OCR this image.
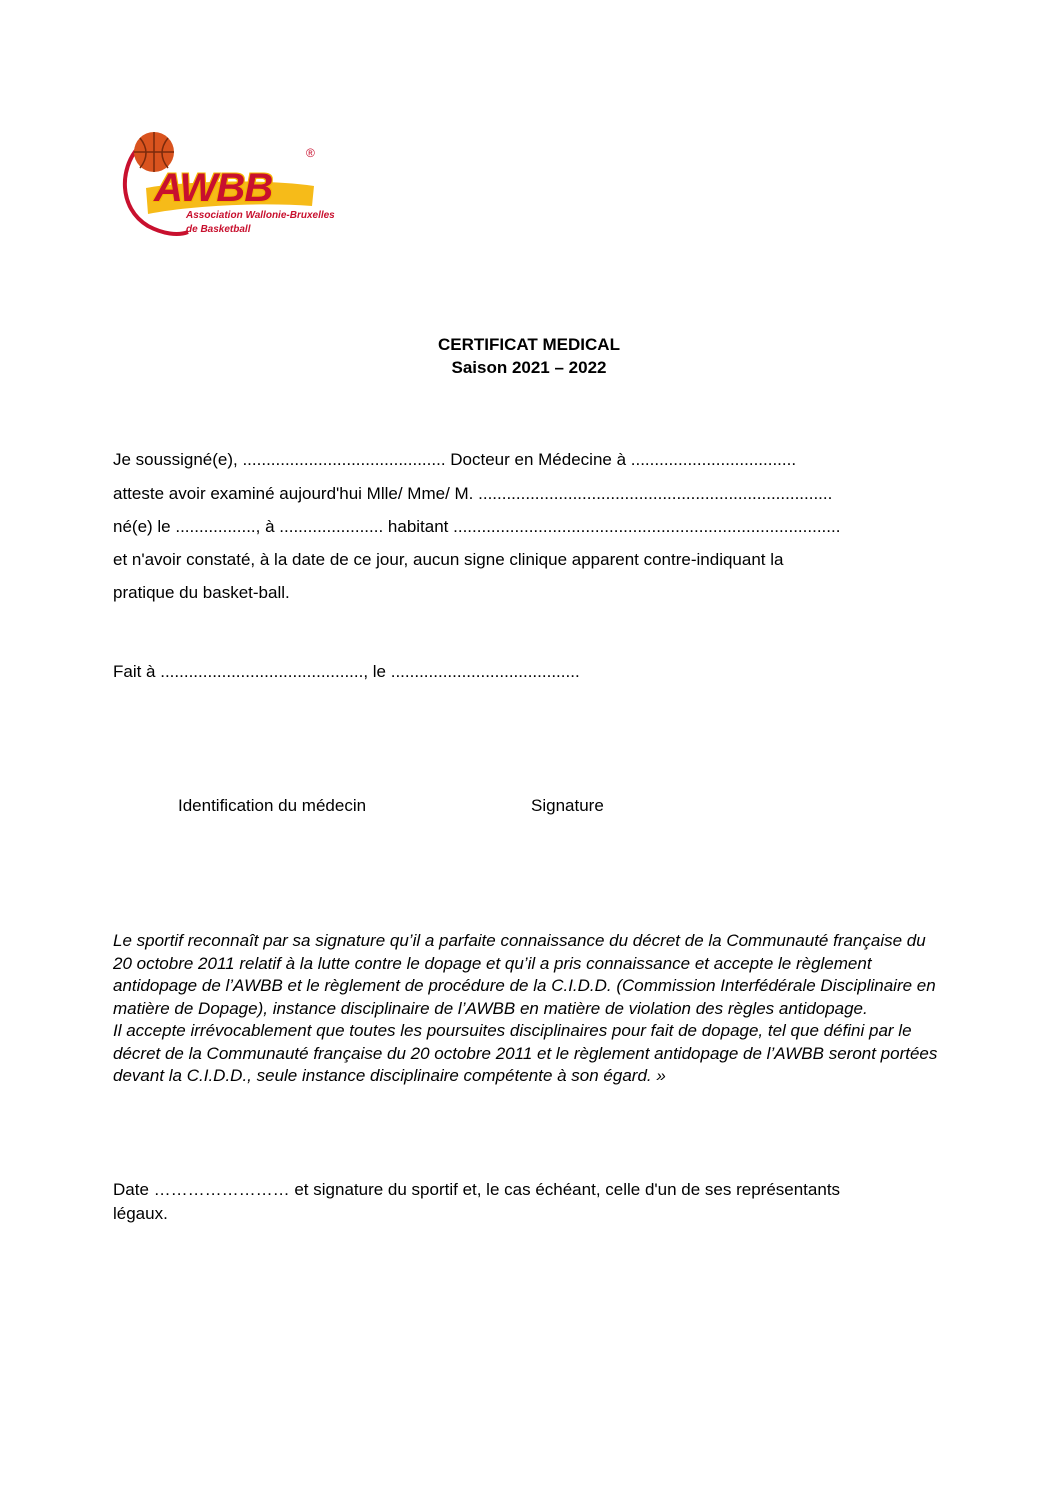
AWBB
®
Association Wallonie-Bruxelles
de Basketball
CERTIFICAT MEDICAL
Saison 2021 – 2022
Je soussigné(e), ........................................... Docteur en Médecine à ...................................
atteste avoir examiné aujourd'hui Mlle/ Mme/ M. ...........................................................................
né(e) le ................., à ...................... habitant ..................................................................................
et n'avoir constaté, à la date de ce jour, aucun signe clinique apparent contre-indiquant la
pratique du basket-ball.
Fait à ..........................................., le ........................................
Identification du médecin	Signature

Le sportif reconnaît par sa signature qu’il a parfaite connaissance du décret de la Communauté française du 20 octobre 2011 relatif à la lutte contre le dopage et qu’il a pris connaissance et accepte le règlement antidopage de l’AWBB et le règlement de procédure de la C.I.D.D. (Commission Interfédérale Disciplinaire en matière de Dopage), instance disciplinaire de l’AWBB en matière de violation des règles antidopage.

Il accepte irrévocablement que toutes les poursuites disciplinaires pour fait de dopage, tel que défini par le décret de la Communauté française du 20 octobre 2011 et le règlement antidopage de l’AWBB seront portées devant la C.I.D.D., seule instance disciplinaire compétente à son égard. »

Date …………………… et signature du sportif et, le cas échéant, celle d'un de ses représentants légaux.
